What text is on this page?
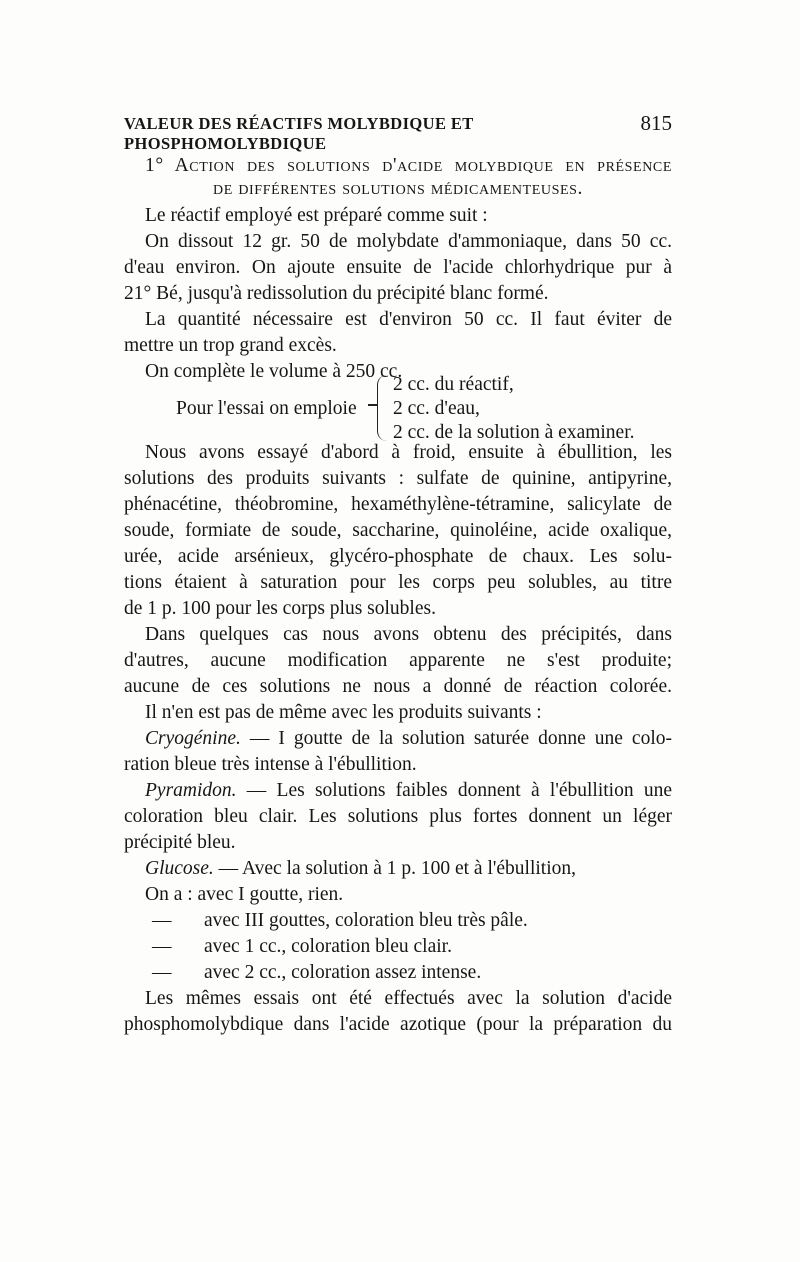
VALEUR DES RÉACTIFS MOLYBDIQUE ET PHOSPHOMOLYBDIQUE
815
1° Action des solutions d'acide molybdique en présence
de différentes solutions médicamenteuses.
Le réactif employé est préparé comme suit :
On dissout 12 gr. 50 de molybdate d'ammoniaque, dans 50 cc.
d'eau environ. On ajoute ensuite de l'acide chlorhydrique pur à
21° Bé, jusqu'à redissolution du précipité blanc formé.
La quantité nécessaire est d'environ 50 cc. Il faut éviter de
mettre un trop grand excès.
On complète le volume à 250 cc.
Pour l'essai on emploie
2 cc. du réactif,
2 cc. d'eau,
2 cc. de la solution à examiner.
Nous avons essayé d'abord à froid, ensuite à ébullition, les
solutions des produits suivants : sulfate de quinine, antipyrine,
phénacétine, théobromine, hexaméthylène-tétramine, salicylate de
soude, formiate de soude, saccharine, quinoléine, acide oxalique,
urée, acide arsénieux, glycéro-phosphate de chaux. Les solu-
tions étaient à saturation pour les corps peu solubles, au titre
de 1 p. 100 pour les corps plus solubles.
Dans quelques cas nous avons obtenu des précipités, dans
d'autres, aucune modification apparente ne s'est produite;
aucune de ces solutions ne nous a donné de réaction colorée.
Il n'en est pas de même avec les produits suivants :
Cryogénine. — I goutte de la solution saturée donne une colo-
ration bleue très intense à l'ébullition.
Pyramidon. — Les solutions faibles donnent à l'ébullition une
coloration bleu clair. Les solutions plus fortes donnent un léger
précipité bleu.
Glucose. — Avec la solution à 1 p. 100 et à l'ébullition,
On a : avec I goutte, rien.
— avec III gouttes, coloration bleu très pâle.
— avec 1 cc., coloration bleu clair.
— avec 2 cc., coloration assez intense.
Les mêmes essais ont été effectués avec la solution d'acide
phosphomolybdique dans l'acide azotique (pour la préparation du
